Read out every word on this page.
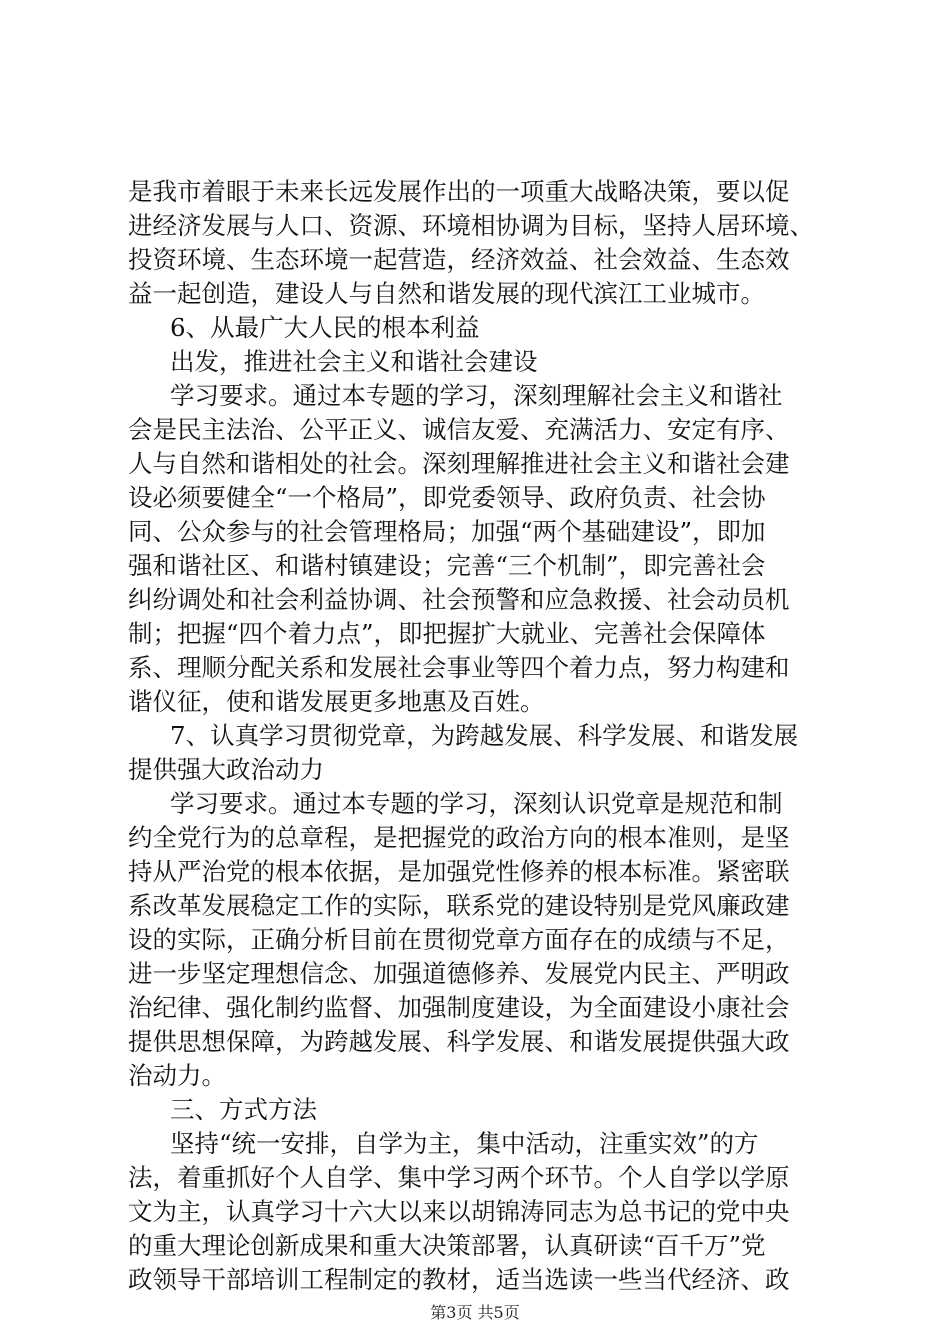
是我市着眼于未来长远发展作出的一项重大战略决策，要以促
进经济发展与人口、资源、环境相协调为目标，坚持人居环境、
投资环境、生态环境一起营造，经济效益、社会效益、生态效
益一起创造，建设人与自然和谐发展的现代滨江工业城市。
6、从最广大人民的根本利益
出发，推进社会主义和谐社会建设
学习要求。通过本专题的学习，深刻理解社会主义和谐社
会是民主法治、公平正义、诚信友爱、充满活力、安定有序、
人与自然和谐相处的社会。深刻理解推进社会主义和谐社会建
设必须要健全“一个格局”，即党委领导、政府负责、社会协
同、公众参与的社会管理格局；加强“两个基础建设”，即加
强和谐社区、和谐村镇建设；完善“三个机制”，即完善社会
纠纷调处和社会利益协调、社会预警和应急救援、社会动员机
制；把握“四个着力点”，即把握扩大就业、完善社会保障体
系、理顺分配关系和发展社会事业等四个着力点，努力构建和
谐仪征，使和谐发展更多地惠及百姓。
7、认真学习贯彻党章，为跨越发展、科学发展、和谐发展
提供强大政治动力
学习要求。通过本专题的学习，深刻认识党章是规范和制
约全党行为的总章程，是把握党的政治方向的根本准则，是坚
持从严治党的根本依据，是加强党性修养的根本标准。紧密联
系改革发展稳定工作的实际，联系党的建设特别是党风廉政建
设的实际，正确分析目前在贯彻党章方面存在的成绩与不足，
进一步坚定理想信念、加强道德修养、发展党内民主、严明政
治纪律、强化制约监督、加强制度建设，为全面建设小康社会
提供思想保障，为跨越发展、科学发展、和谐发展提供强大政
治动力。
三、方式方法
坚持“统一安排，自学为主，集中活动，注重实效”的方
法，着重抓好个人自学、集中学习两个环节。个人自学以学原
文为主，认真学习十六大以来以胡锦涛同志为总书记的党中央
的重大理论创新成果和重大决策部署，认真研读“百千万”党
政领导干部培训工程制定的教材，适当选读一些当代经济、政
第3页 共5页
